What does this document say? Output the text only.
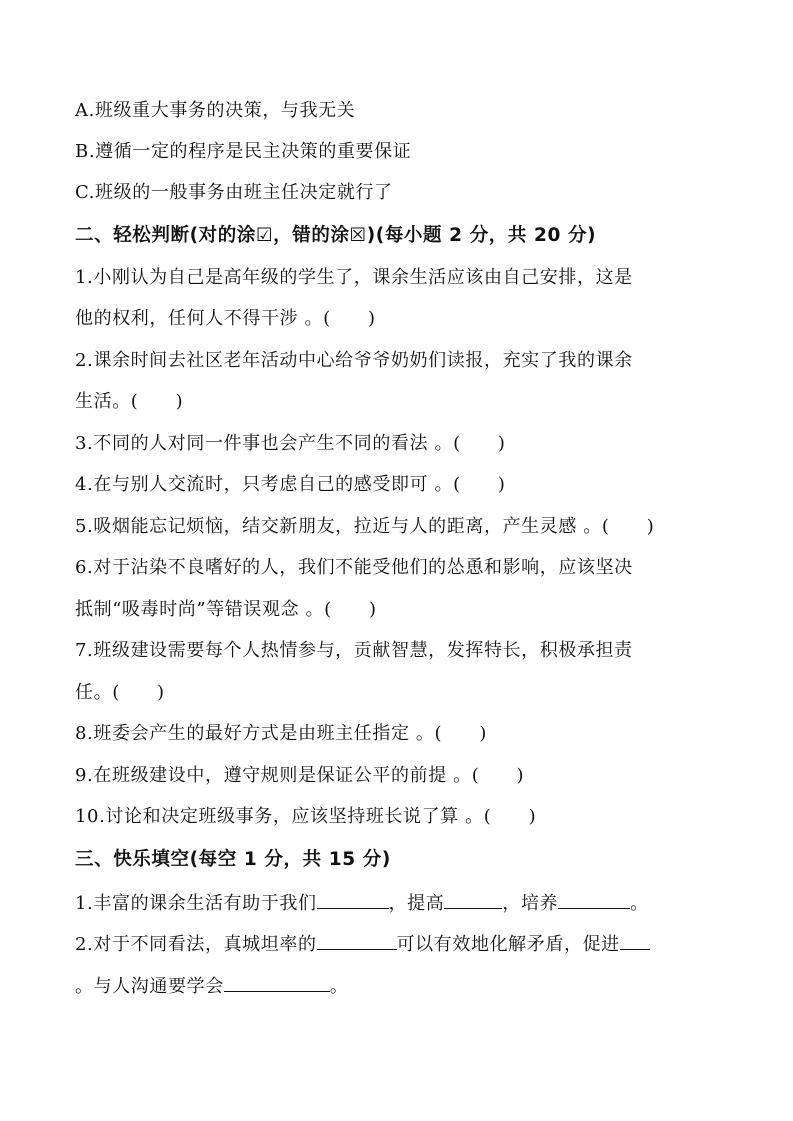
A.班级重大事务的决策，与我无关
B.遵循一定的程序是民主决策的重要保证
C.班级的一般事务由班主任决定就行了
二、轻松判断(对的涂☑，错的涂☒)(每小题 2 分，共 20 分)
1.小刚认为自己是高年级的学生了，课余生活应该由自己安排，这是
他的权利，任何人不得干涉 。(　　)
2.课余时间去社区老年活动中心给爷爷奶奶们读报，充实了我的课余
生活。(　　)
3.不同的人对同一件事也会产生不同的看法 。(　　)
4.在与别人交流时，只考虑自己的感受即可 。(　　)
5.吸烟能忘记烦恼，结交新朋友，拉近与人的距离，产生灵感 。(　　)
6.对于沾染不良嗜好的人，我们不能受他们的怂恿和影响，应该坚决
抵制“吸毒时尚”等错误观念 。(　　)
7.班级建设需要每个人热情参与，贡献智慧，发挥特长，积极承担责
任。(　　)
8.班委会产生的最好方式是由班主任指定 。(　　)
9.在班级建设中，遵守规则是保证公平的前提 。(　　)
10.讨论和决定班级事务，应该坚持班长说了算 。(　　)
三、快乐填空(每空 1 分，共 15 分)
1.丰富的课余生活有助于我们	，提高	，培养	。
2.对于不同看法，真城坦率的	可以有效地化解矛盾，促进
。与人沟通要学会	。
